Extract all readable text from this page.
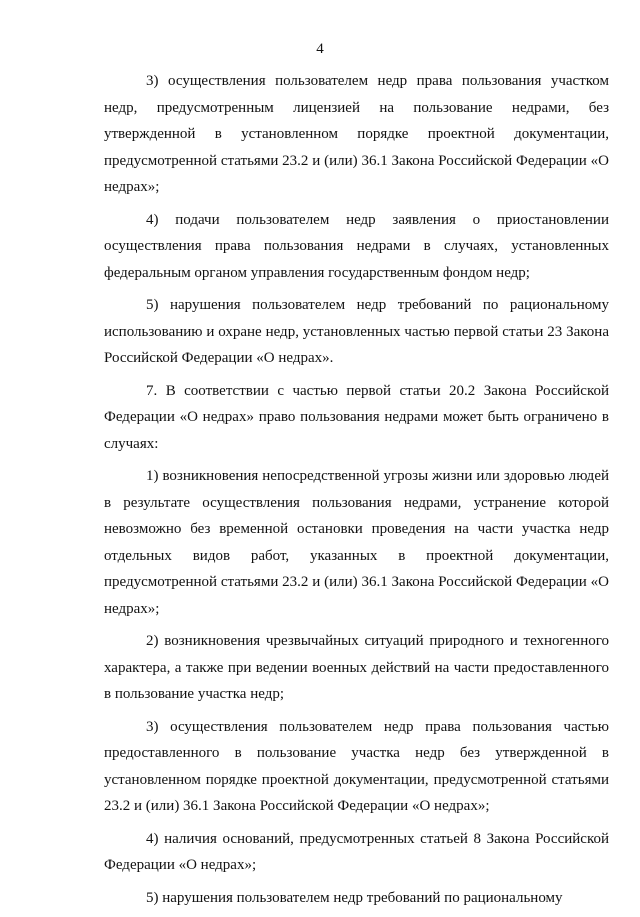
4

3) осуществления пользователем недр права пользования участком недр, предусмотренным лицензией на пользование недрами, без утвержденной в установленном порядке проектной документации, предусмотренной статьями 23.2 и (или) 36.1 Закона Российской Федерации «О недрах»;

4) подачи пользователем недр заявления о приостановлении осуществления права пользования недрами в случаях, установленных федеральным органом управления государственным фондом недр;

5) нарушения пользователем недр требований по рациональному использованию и охране недр, установленных частью первой статьи 23 Закона Российской Федерации «О недрах».

7. В соответствии с частью первой статьи 20.2 Закона Российской Федерации «О недрах» право пользования недрами может быть ограничено в случаях:

1) возникновения непосредственной угрозы жизни или здоровью людей в результате осуществления пользования недрами, устранение которой невозможно без временной остановки проведения на части участка недр отдельных видов работ, указанных в проектной документации, предусмотренной статьями 23.2 и (или) 36.1 Закона Российской Федерации «О недрах»;

2) возникновения чрезвычайных ситуаций природного и техногенного характера, а также при ведении военных действий на части предоставленного в пользование участка недр;

3) осуществления пользователем недр права пользования частью предоставленного в пользование участка недр без утвержденной в установленном порядке проектной документации, предусмотренной статьями 23.2 и (или) 36.1 Закона Российской Федерации «О недрах»;

4) наличия оснований, предусмотренных статьей 8 Закона Российской Федерации «О недрах»;

5) нарушения пользователем недр требований по рациональному
